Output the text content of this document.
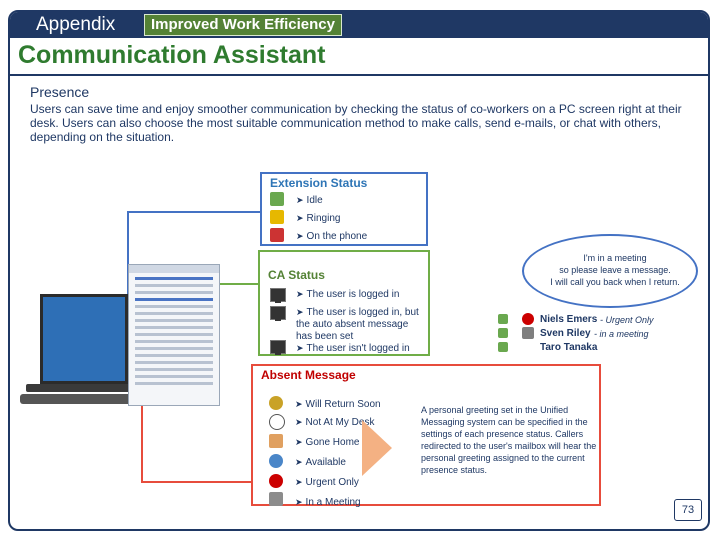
Appendix	Improved Work Efficiency
Communication Assistant
Presence
Users can save time and enjoy smoother communication by checking the status of co-workers on a PC screen right at their desk. Users can also choose the most suitable communication method to make calls, send e-mails, or chat with others, depending on the situation.
Extension Status
➤ Idle
➤ Ringing
➤ On the phone
CA Status
➤ The user is logged in
➤ The user is logged in, but the auto absent message has been set
➤ The user isn't logged in
I'm in a meeting
so please leave a message.
I will call you back when I return.
Niels Emers - Urgent Only
Sven Riley - in a meeting
Taro Tanaka
Absent Message
➤ Will Return Soon
➤ Not At My Desk
➤ Gone Home
➤ Available
➤ Urgent Only
➤ In a Meeting
A personal greeting set in the Unified Messaging system can be specified in the settings of each presence status. Callers redirected to the user's mailbox will hear the personal greeting assigned to the current presence status.
73
